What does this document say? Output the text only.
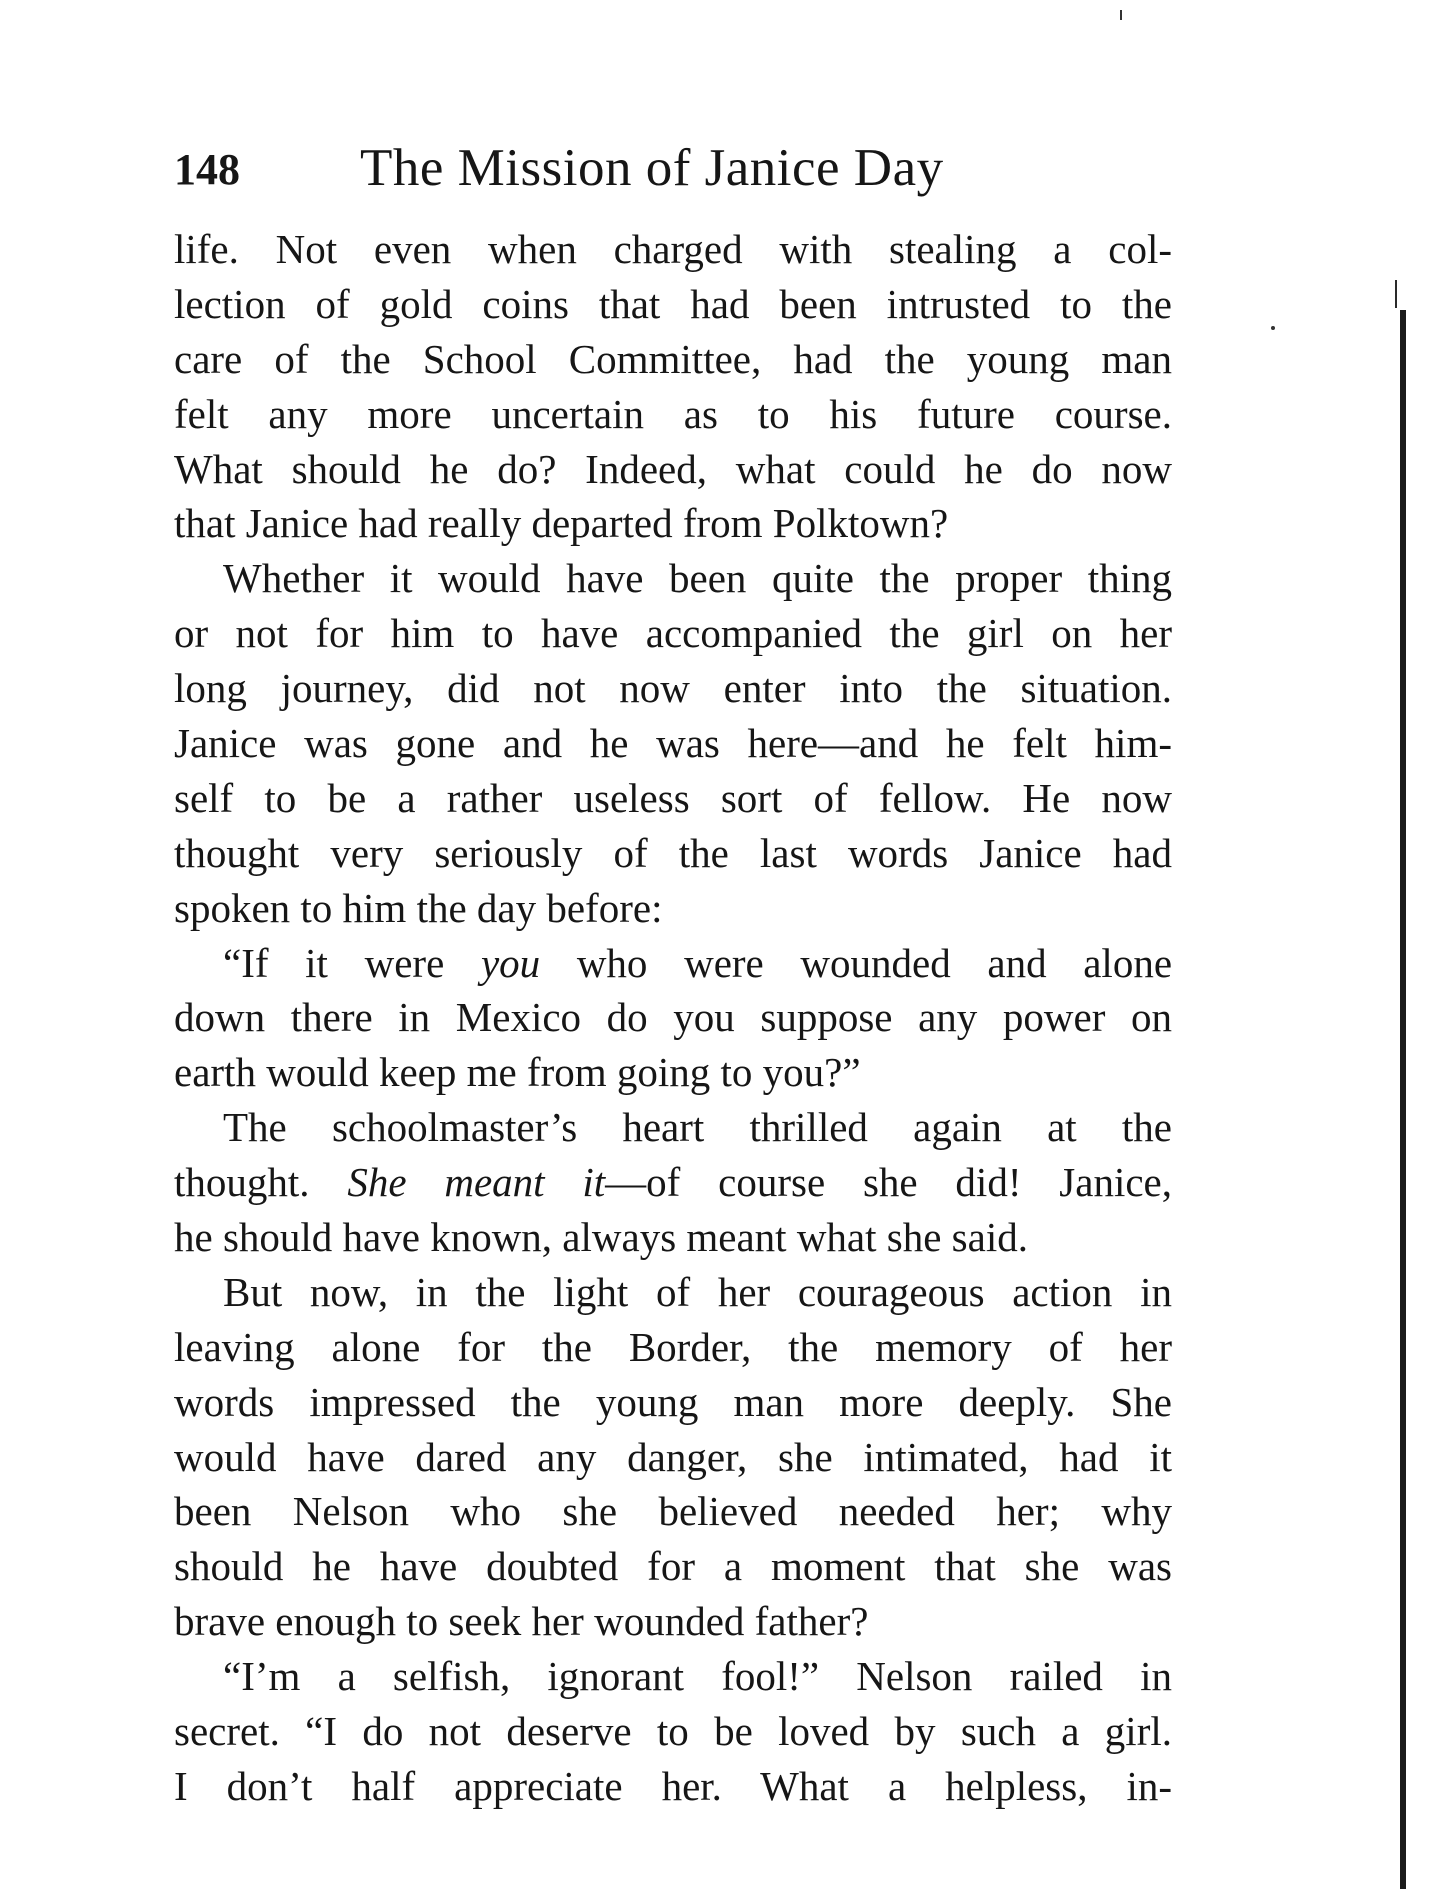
148 The Mission of Janice Day
life. Not even when charged with stealing a col-
lection of gold coins that had been intrusted to the
care of the School Committee, had the young man
felt any more uncertain as to his future course.
What should he do? Indeed, what could he do now
that Janice had really departed from Polktown?
Whether it would have been quite the proper thing
or not for him to have accompanied the girl on her
long journey, did not now enter into the situation.
Janice was gone and he was here—and he felt him-
self to be a rather useless sort of fellow. He now
thought very seriously of the last words Janice had
spoken to him the day before:
“If it were you who were wounded and alone
down there in Mexico do you suppose any power on
earth would keep me from going to you?”
The schoolmaster’s heart thrilled again at the
thought. She meant it—of course she did! Janice,
he should have known, always meant what she said.
But now, in the light of her courageous action in
leaving alone for the Border, the memory of her
words impressed the young man more deeply. She
would have dared any danger, she intimated, had it
been Nelson who she believed needed her; why
should he have doubted for a moment that she was
brave enough to seek her wounded father?
“I’m a selfish, ignorant fool!” Nelson railed in
secret. “I do not deserve to be loved by such a girl.
I don’t half appreciate her. What a helpless, in-
